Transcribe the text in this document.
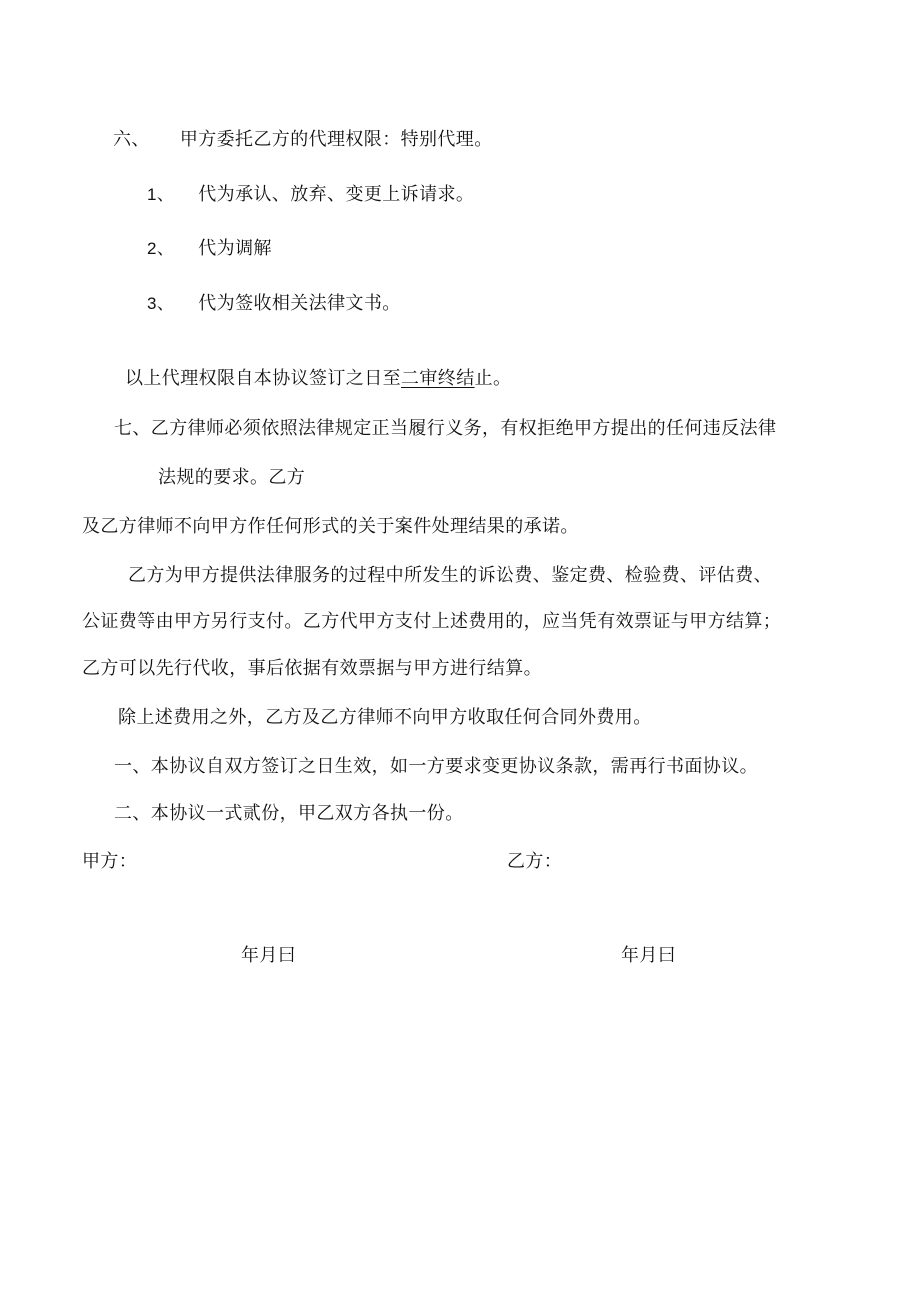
六、 甲方委托乙方的代理权限：特别代理。
1、 代为承认、放弃、变更上诉请求。
2、 代为调解
3、 代为签收相关法律文书。
以上代理权限自本协议签订之日至二审终结止。
七、乙方律师必须依照法律规定正当履行义务，有权拒绝甲方提出的任何违反法律
法规的要求。乙方
及乙方律师不向甲方作任何形式的关于案件处理结果的承诺。
乙方为甲方提供法律服务的过程中所发生的诉讼费、鉴定费、检验费、评估费、
公证费等由甲方另行支付。乙方代甲方支付上述费用的，应当凭有效票证与甲方结算；
乙方可以先行代收，事后依据有效票据与甲方进行结算。
除上述费用之外，乙方及乙方律师不向甲方收取任何合同外费用。
一、本协议自双方签订之日生效，如一方要求变更协议条款，需再行书面协议。
二、本协议一式贰份，甲乙双方各执一份。
甲方：	乙方：
年月曰	年月曰
